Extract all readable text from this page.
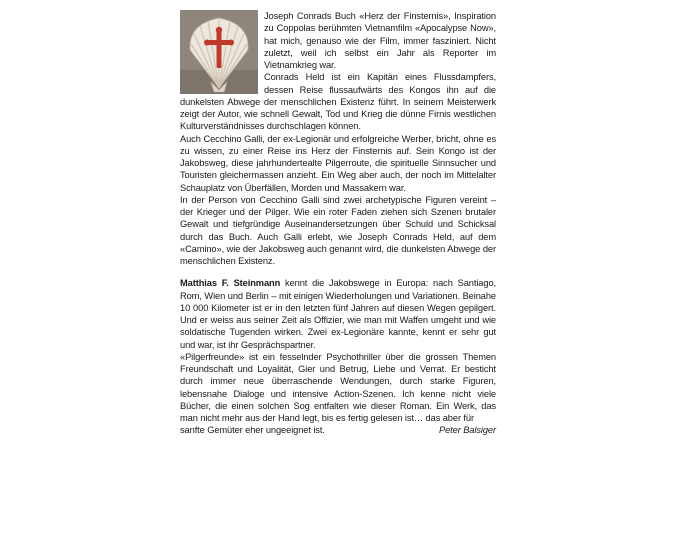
Joseph Conrads Buch «Herz der Finsternis», Inspiration zu Coppolas berühmten Vietnamfilm «Apocalypse Now», hat mich, genauso wie der Film, immer fasziniert. Nicht zuletzt, weil ich selbst ein Jahr als Reporter im Vietnamkrieg war.

Conrads Held ist ein Kapitän eines Flussdampfers, dessen Reise flussaufwärts des Kongos ihn auf die dunkelsten Abwege der menschlichen Existenz führt. In seinem Meisterwerk zeigt der Autor, wie schnell Gewalt, Tod und Krieg die dünne Firnis westlichen Kulturverständnisses durchschlagen können.

Auch Cecchino Galli, der ex-Legionär und erfolgreiche Werber, bricht, ohne es zu wissen, zu einer Reise ins Herz der Finsternis auf. Sein Kongo ist der Jakobsweg, diese jahrhundertealte Pilgerroute, die spirituelle Sinnsucher und Touristen gleichermassen anzieht. Ein Weg aber auch, der noch im Mittelalter Schauplatz von Überfällen, Morden und Massakern war.

In der Person von Cecchino Galli sind zwei archetypische Figuren vereint – der Krieger und der Pilger. Wie ein roter Faden ziehen sich Szenen brutaler Gewalt und tiefgründige Auseinandersetzungen über Schuld und Schicksal durch das Buch. Auch Galli erlebt, wie Joseph Conrads Held, auf dem «Camino», wie der Jakobsweg auch genannt wird, die dunkelsten Abwege der menschlichen Existenz.

Matthias F. Steinmann kennt die Jakobswege in Europa: nach Santiago, Rom, Wien und Berlin – mit einigen Wiederholungen und Variationen. Beinahe 10 000 Kilometer ist er in den letzten fünf Jahren auf diesen Wegen gepilgert. Und er weiss aus seiner Zeit als Offizier, wie man mit Waffen umgeht und wie soldatische Tugenden wirken. Zwei ex-Legionäre kannte, kennt er sehr gut und war, ist ihr Gesprächspartner.

«Pilgerfreunde» ist ein fesselnder Psychothriller über die grossen Themen Freundschaft und Loyalität, Gier und Betrug, Liebe und Verrat. Er besticht durch immer neue überraschende Wendungen, durch starke Figuren, lebensnahe Dialoge und intensive Action-Szenen. Ich kenne nicht viele Bücher, die einen solchen Sog entfalten wie dieser Roman. Ein Werk, das man nicht mehr aus der Hand legt, bis es fertig gelesen ist… das aber für

sanfte Gemüter eher ungeeignet ist.	Peter Balsiger
